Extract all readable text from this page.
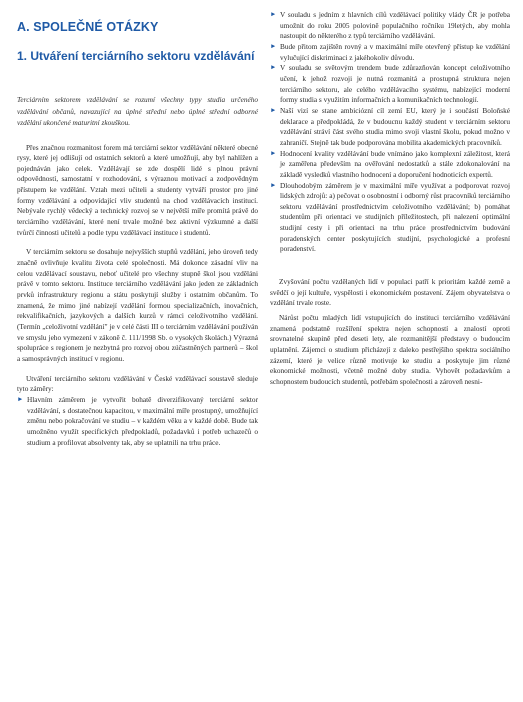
A. SPOLEČNÉ OTÁZKY
1. Utváření terciárního sektoru vzdělávání

Terciárním sektorem vzdělávání se rozumí všechny typy studia určeného vzdělávání občanů, navazující na úplné střední nebo úplné střední odborné vzdělání ukončené maturitní zkouškou.

Přes značnou rozmanitost forem má terciární sektor vzdělávání některé obecné rysy, které jej odlišují od ostatních sektorů a které umožňují, aby byl nahlížen a pojednáván jako celek. Vzdělávají se zde dospělí lidé s plnou právní odpovědností, samostatní v rozhodování, s výraznou motivací a zodpovědným přístupem ke vzdělání. Vztah mezi učiteli a studenty vytváří prostor pro jiné formy vzdělávání a odpovídající vliv studentů na chod vzdělávacích institucí. Nebývale rychlý vědecký a technický rozvoj se v největší míře promítá právě do terciárního vzdělávání, které není trvale možné bez aktivní výzkumné a další tvůrčí činnosti učitelů a podle typu vzdělávací instituce i studentů.

V terciárním sektoru se dosahuje nejvyšších stupňů vzdělání, jeho úroveň tedy značně ovlivňuje kvalitu života celé společnosti. Má dokonce zásadní vliv na celou vzdělávací soustavu, neboť učitelé pro všechny stupně škol jsou vzděláni právě v tomto sektoru. Instituce terciárního vzdělávání jako jeden ze základních prvků infrastruktury regionu a státu poskytují služby i ostatním občanům. To znamená, že mimo jiné nabízejí vzdělání formou specializačních, inovačních, rekvalifikačních, jazykových a dalších kurzů v rámci celoživotního vzdělání. (Termín „celoživotní vzdělání" je v celé části III o terciárním vzdělávání používán ve smyslu jeho vymezení v zákoně č. 111/1998 Sb. o vysokých školách.) Výrazná spolupráce s regionem je nezbytná pro rozvoj obou zúčastněných partnerů – škol a samosprávných institucí v regionu.

Utváření terciárního sektoru vzdělávání v České vzdělávací soustavě sleduje tyto záměry:

► Hlavním záměrem je vytvořit bohatě diverzifikovaný terciární sektor vzdělávání, s dostatečnou kapacitou, v maximální míře prostupný, umožňující změnu nebo pokračování ve studiu – v každém věku a v každé době. Bude tak umožněno využít specifických předpokladů, požadavků i potřeb uchazečů o studium a profilovat absolventy tak, aby se uplatnili na trhu práce.
► V souladu s jedním z hlavních cílů vzdělávací politiky vlády ČR je potřeba umožnit do roku 2005 polovině populačního ročníku 19letých, aby mohla nastoupit do některého z typů terciárního vzdělávání.
► Bude přitom zajištěn rovný a v maximální míře otevřený přístup ke vzdělání vylučující diskriminaci z jakéhokoliv důvodu.
► V souladu se světovým trendem bude zdůrazňován koncept celoživotního učení, k jehož rozvoji je nutná rozmanitá a prostupná struktura nejen terciárního sektoru, ale celého vzdělávacího systému, nabízející moderní formy studia s využitím informačních a komunikačních technologií.
► Naší vizí se stane ambiciózní cíl zemí EU, který je i součástí Boloňské deklarace a předpokládá, že v budoucnu každý student v terciárním sektoru vzdělávání stráví část svého studia mimo svoji vlastní školu, pokud možno v zahraničí. Stejně tak bude podporována mobilita akademických pracovníků.
► Hodnocení kvality vzdělávání bude vnímáno jako komplexní záležitost, která je zaměřena především na ověřování nedostatků a stále zdokonalování na základě vysledků vlastního hodnocení a doporučení hodnoticích expertů.
► Dlouhodobým záměrem je v maximální míře využívat a podporovat rozvoj lidských zdrojů: a) pečovat o osobnostní i odborný růst pracovníků terciárního sektoru vzdělávání prostřednictvím celoživotního vzdělávání; b) pomáhat studentům při orientaci ve studijních příležitostech, při nalezení optimální studijní cesty i při orientaci na trhu práce prostřednictvím budování poradenských center poskytujících studijní, psychologické a profesní poradenství.

Zvyšování počtu vzdělaných lidí v populaci patří k prioritám každé země a svědčí o její kultuře, vyspělosti i ekonomickém postavení. Zájem obyvatelstva o vzdělání trvale roste.

Nárůst počtu mladých lidí vstupujících do instituci terciárního vzdělávání znamená podstatně rozšíření spektra nejen schopností a znalostí oproti srovnatelné skupině před deseti lety, ale rozmanitější představy o budoucím uplatnění. Zájemci o studium přicházejí z daleko pestřejšího spektra sociálního zázemí, které je velice různě motivuje ke studiu a poskytuje jim různé ekonomické možnosti, včetně možné doby studia. Vyhovět požadavkům a schopnostem budoucích studentů, potřebám společnosti a zároveň nesni-
